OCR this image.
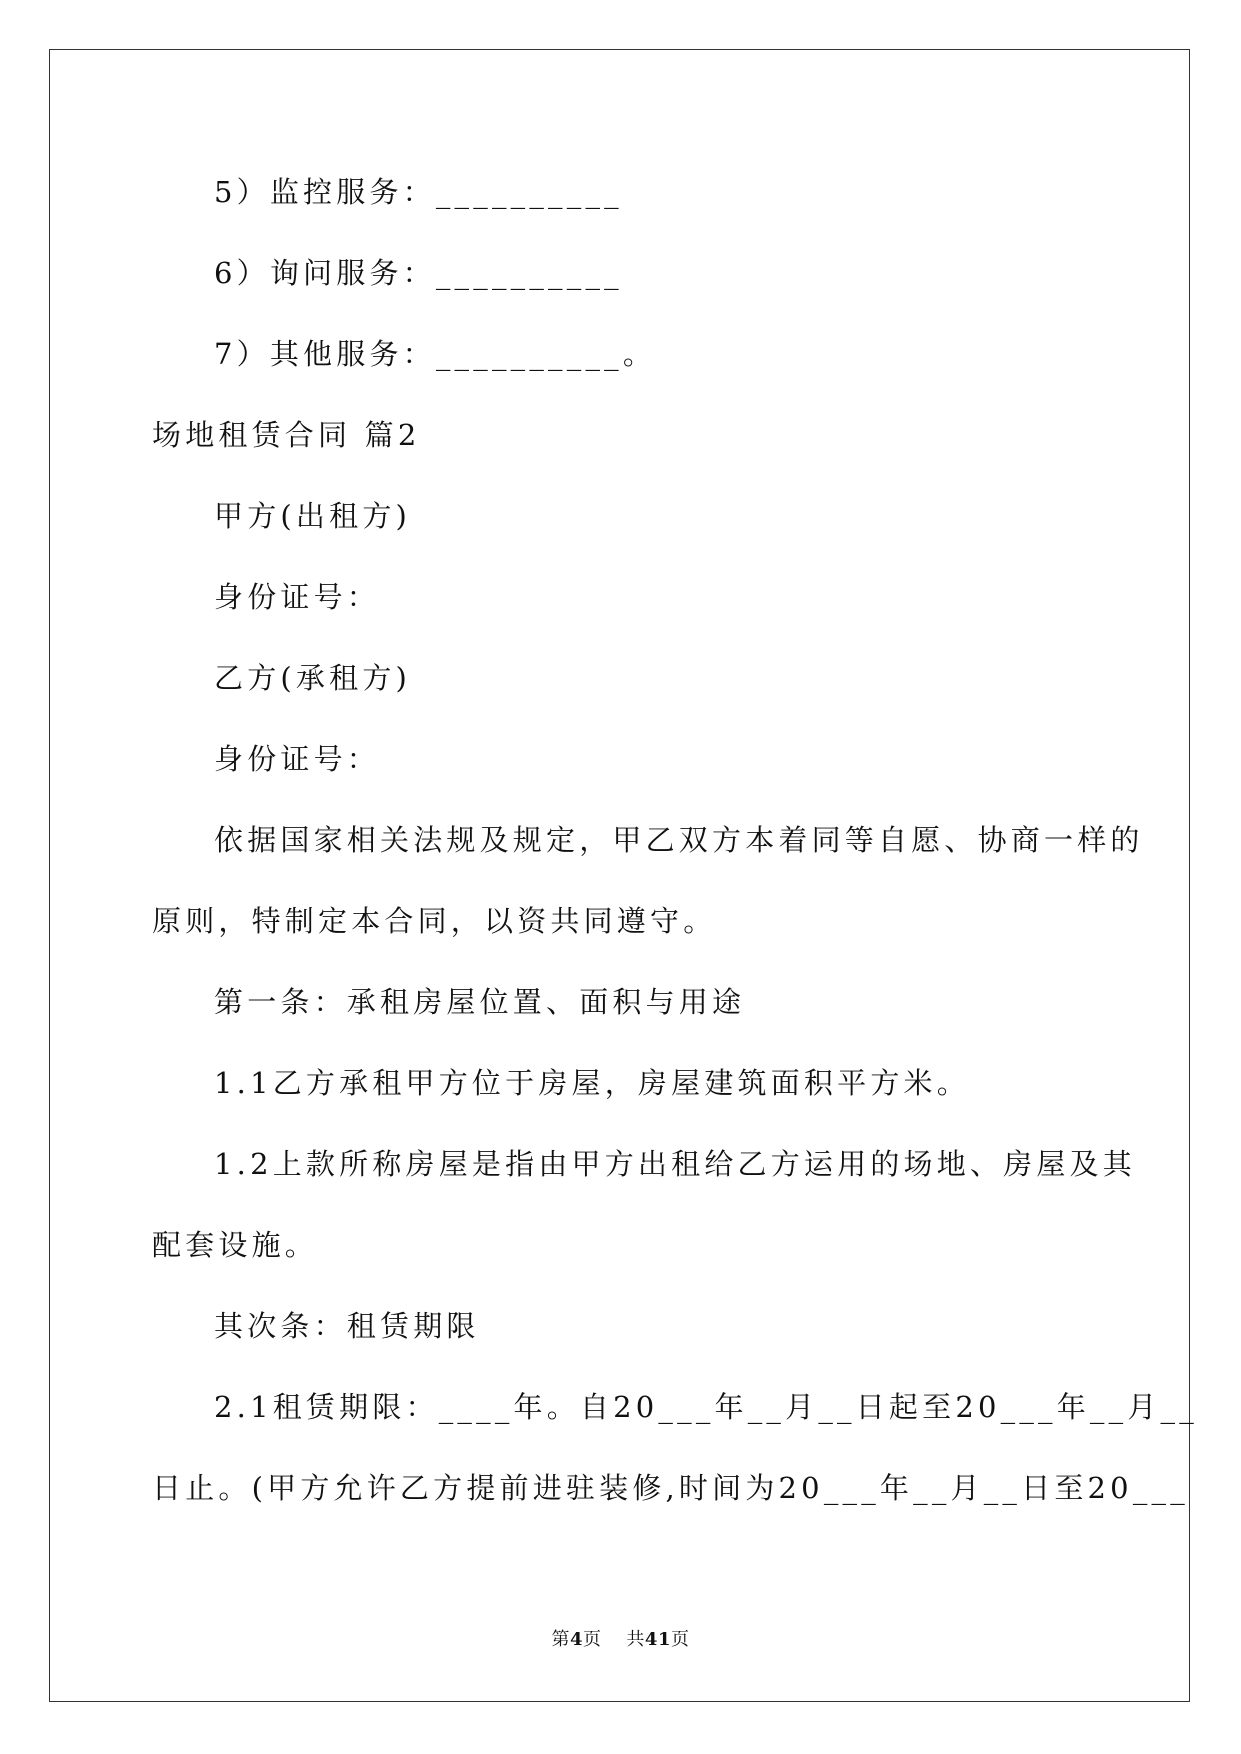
5）监控服务：__________
6）询问服务：__________
7）其他服务：__________。
场地租赁合同 篇2
甲方(出租方)
身份证号：
乙方(承租方)
身份证号：
依据国家相关法规及规定，甲乙双方本着同等自愿、协商一样的
原则，特制定本合同，以资共同遵守。
第一条：承租房屋位置、面积与用途
1.1乙方承租甲方位于房屋，房屋建筑面积平方米。
1.2上款所称房屋是指由甲方出租给乙方运用的场地、房屋及其
配套设施。
其次条：租赁期限
2.1租赁期限：____年。自20___年__月__日起至20___年__月__
日止。(甲方允许乙方提前进驻装修,时间为20___年__月__日至20___
第4页    共41页
